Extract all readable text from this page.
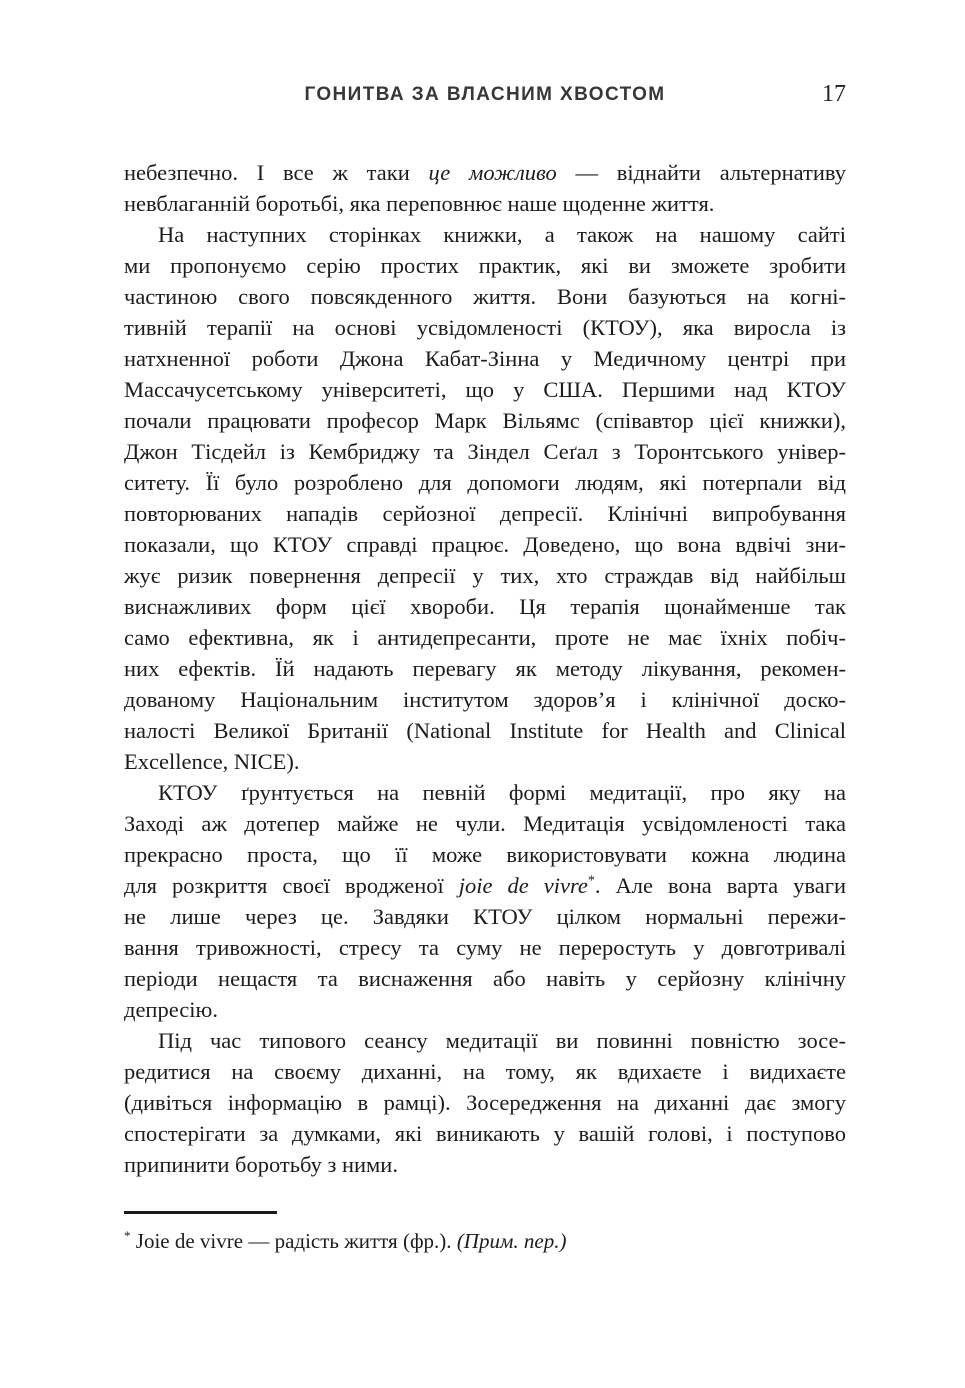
ГОНИТВА ЗА ВЛАСНИМ ХВОСТОМ	17
небезпечно. І все ж таки це можливо — віднайти альтернативу
невблаганній боротьбі, яка переповнює наше щоденне життя.
На наступних сторінках книжки, а також на нашому сайті
ми пропонуємо серію простих практик, які ви зможете зробити
частиною свого повсякденного життя. Вони базуються на когні-
тивній терапії на основі усвідомленості (КТОУ), яка виросла із
натхненної роботи Джона Кабат-Зінна у Медичному центрі при
Массачусетському університеті, що у США. Першими над КТОУ
почали працювати професор Марк Вільямс (співавтор цієї книжки),
Джон Тісдейл із Кембриджу та Зіндел Сеґал з Торонтського універ-
ситету. Її було розроблено для допомоги людям, які потерпали від
повторюваних нападів серйозної депресії. Клінічні випробування
показали, що КТОУ справді працює. Доведено, що вона вдвічі зни-
жує ризик повернення депресії у тих, хто страждав від найбільш
виснажливих форм цієї хвороби. Ця терапія щонайменше так
само ефективна, як і антидепресанти, проте не має їхніх побіч-
них ефектів. Їй надають перевагу як методу лікування, рекомен-
дованому Національним інститутом здоров’я і клінічної доско-
налості Великої Британії (National Institute for Health and Clinical
Excellence, NICE).
КТОУ ґрунтується на певній формі медитації, про яку на
Заході аж дотепер майже не чули. Медитація усвідомленості така
прекрасно проста, що її може використовувати кожна людина
для розкриття своєї вродженої joie de vivre*. Але вона варта уваги
не лише через це. Завдяки КТОУ цілком нормальні пережи-
вання тривожності, стресу та суму не переростуть у довготривалі
періоди нещастя та виснаження або навіть у серйозну клінічну
депресію.
Під час типового сеансу медитації ви повинні повністю зосе-
редитися на своєму диханні, на тому, як вдихаєте і видихаєте
(дивіться інформацію в рамці). Зосередження на диханні дає змогу
спостерігати за думками, які виникають у вашій голові, і поступово
припинити боротьбу з ними.
* Joie de vivre — радість життя (фр.). (Прим. пер.)
